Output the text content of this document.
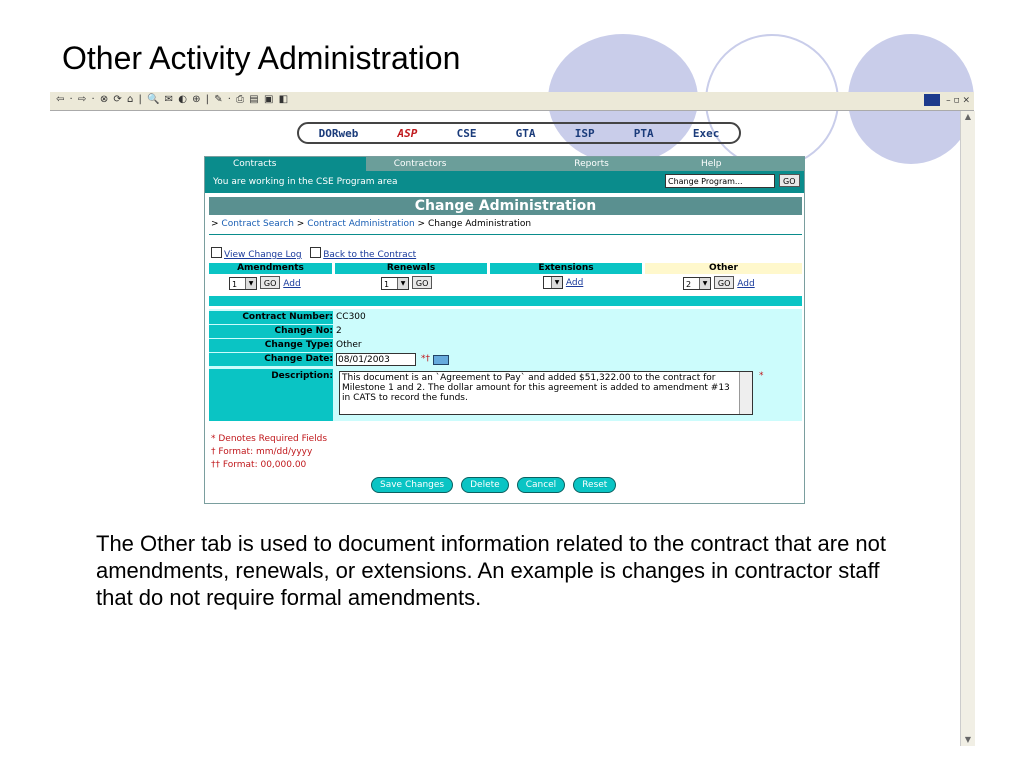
Other Activity Administration
⇦ · ⇨ · ⊗ ⟳ ⌂ | 🔍 ✉ ◐ ⊕ | ✎ · ⎙ ▤ ▣ ◧	– ▫ ×
▲
▼
DORweb	ASP	CSE	GTA	ISP	PTA	Exec
Contracts	Contractors	Reports	Help
You are working in the CSE Program area	Change Program...	GO
Change Administration
> Contract Search > Contract Administration > Change Administration
View Change Log Back to the Contract
Amendments	Renewals	Extensions	Other
1	▼	GO Add	1	▼	GO	▼ Add	2	▼	GO Add
Contract Number: CC300
Change No: 2
Change Type: Other
Change Date: 08/01/2003	*†
Description:	This document is an `Agreement to Pay` and added $51,322.00 to the contract for Milestone 1 and 2. The dollar amount for this agreement is added to amendment #13 in CATS to record the funds.
*
* Denotes Required Fields
† Format: mm/dd/yyyy
†† Format: 00,000.00
Save Changes	Delete	Cancel	Reset
The Other tab is used to document information related to the contract that are not amendments, renewals, or extensions. An example is changes in contractor staff that do not require formal amendments.
